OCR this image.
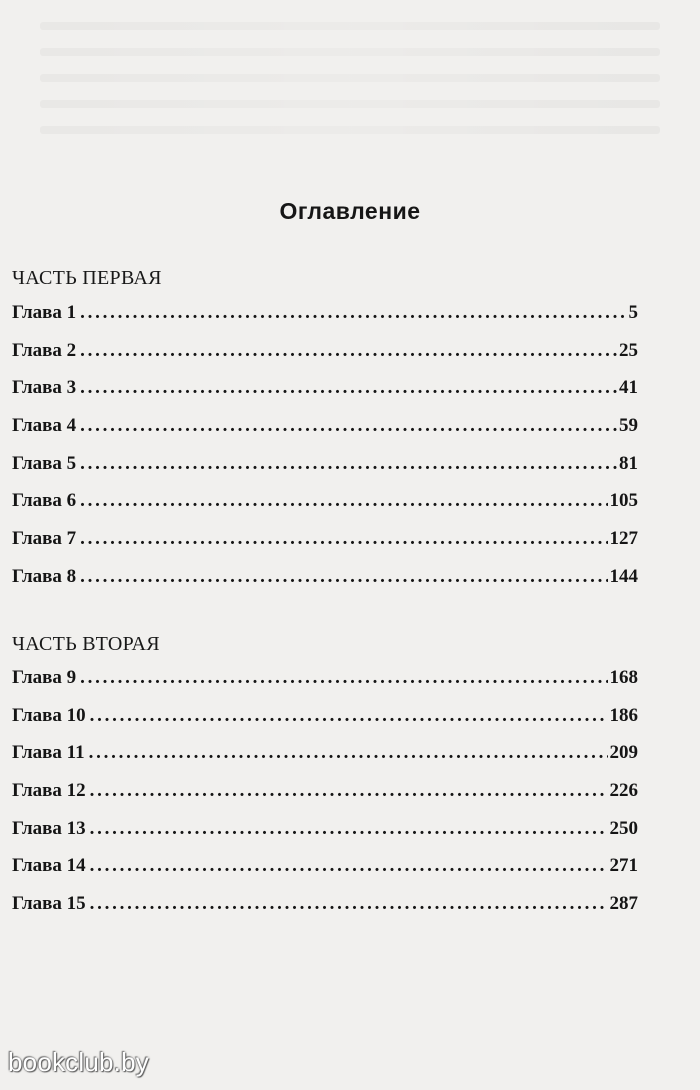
Оглавление
ЧАСТЬ ПЕРВАЯ
Глава 1 . . .	5
Глава 2 . . .	25
Глава 3 . . .	41
Глава 4 . . .	59
Глава 5 . . .	81
Глава 6 . . .	105
Глава 7 . . .	127
Глава 8 . . .	144
ЧАСТЬ ВТОРАЯ
Глава 9 . . .	168
Глава 10 . . .	186
Глава 11 . . .	209
Глава 12 . . .	226
Глава 13 . . .	250
Глава 14 . . .	271
Глава 15 . . .	287
bookclub.by
